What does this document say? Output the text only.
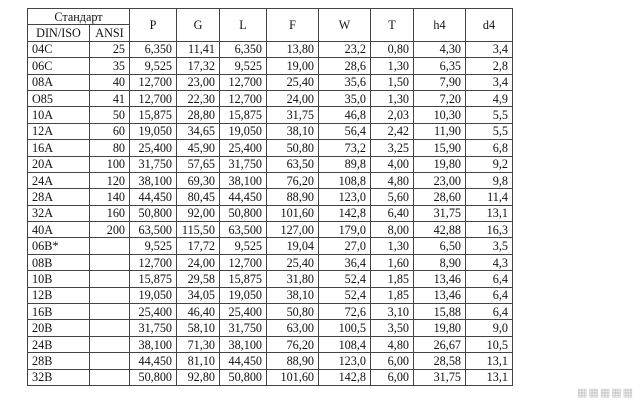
Стандарт		P	G	L	F	W	T	h4	d4
DIN/ISO	ANSI								
04C	25	6,350	11,41	6,350	13,80	23,2	0,80	4,30	3,4
06C	35	9,525	17,32	9,525	19,00	28,6	1,30	6,35	2,8
08A	40	12,700	23,00	12,700	25,40	35,6	1,50	7,90	3,4
O85	41	12,700	22,30	12,700	24,00	35,0	1,30	7,20	4,9
10A	50	15,875	28,80	15,875	31,75	46,8	2,03	10,30	5,5
12A	60	19,050	34,65	19,050	38,10	56,4	2,42	11,90	5,5
16A	80	25,400	45,90	25,400	50,80	73,2	3,25	15,90	6,8
20A	100	31,750	57,65	31,750	63,50	89,8	4,00	19,80	9,2
24A	120	38,100	69,30	38,100	76,20	108,8	4,80	23,00	9,8
28A	140	44,450	80,45	44,450	88,90	123,0	5,60	28,60	11,4
32A	160	50,800	92,00	50,800	101,60	142,8	6,40	31,75	13,1
40A	200	63,500	115,50	63,500	127,00	179,0	8,00	42,88	16,3
06B*		9,525	17,72	9,525	19,04	27,0	1,30	6,50	3,5
08B		12,700	24,00	12,700	25,40	36,4	1,60	8,90	4,3
10B		15,875	29,58	15,875	31,80	52,4	1,85	13,46	6,4
12B		19,050	34,05	19,050	38,10	52,4	1,85	13,46	6,4
16B		25,400	46,40	25,400	50,80	72,6	3,10	15,88	6,4
20B		31,750	58,10	31,750	63,00	100,5	3,50	19,80	9,0
24B		38,100	71,30	38,100	76,20	108,4	4,80	26,67	10,5
28B		44,450	81,10	44,450	88,90	123,0	6,00	28,58	13,1
32B		50,800	92,80	50,800	101,60	142,8	6,00	31,75	13,1
▦▦▦▦▦
